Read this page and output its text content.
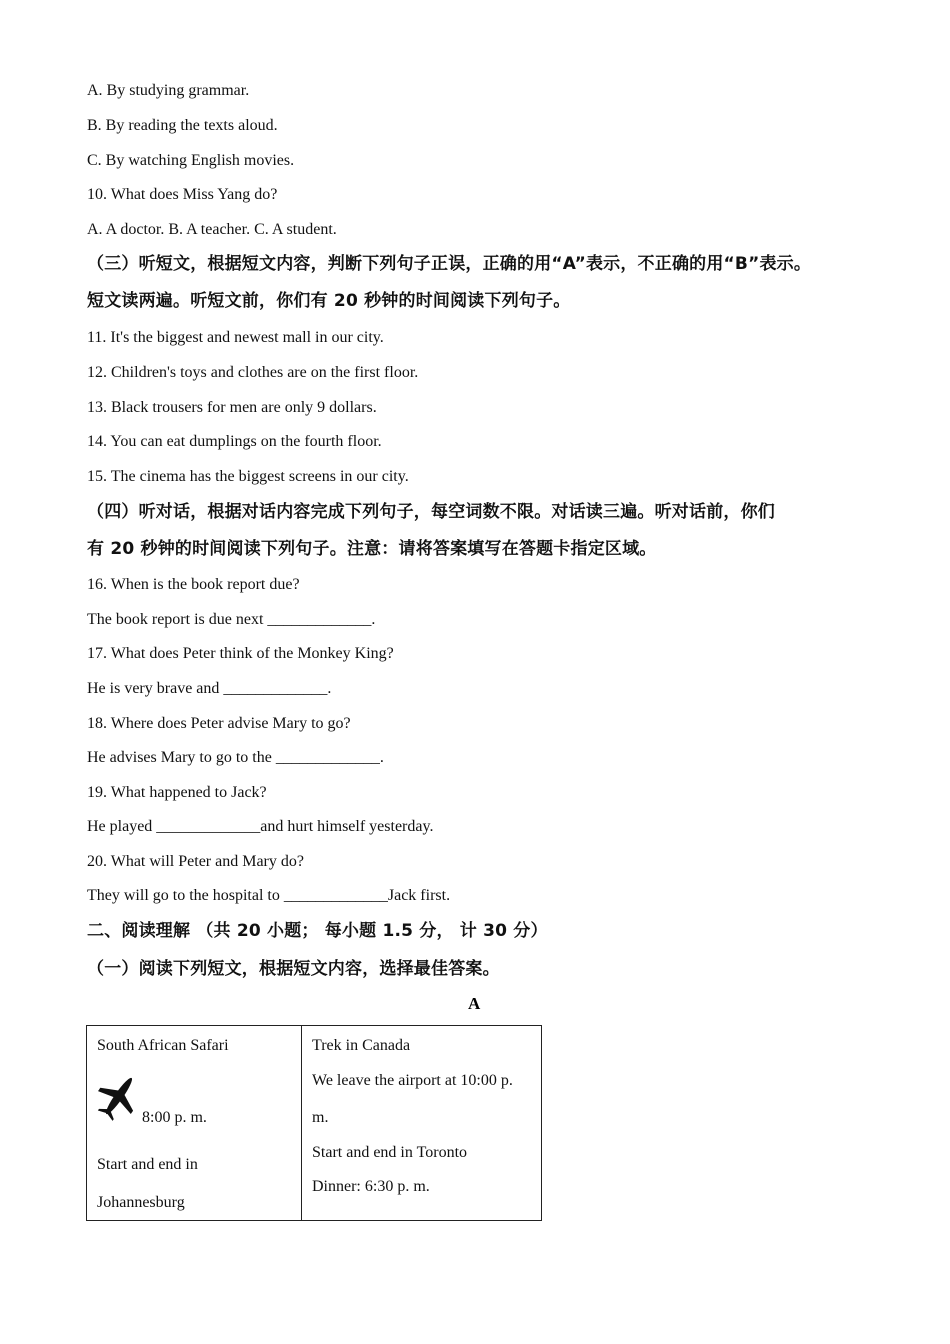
A. By studying grammar.
B. By reading the texts aloud.
C. By watching English movies.
10. What does Miss Yang do?
A. A doctor. B. A teacher. C. A student.
（三）听短文，根据短文内容，判断下列句子正误，正确的用“A”表示，不正确的用“B”表示。
短文读两遍。听短文前，你们有 20 秒钟的时间阅读下列句子。
11. It's the biggest and newest mall in our city.
12. Children's toys and clothes are on the first floor.
13. Black trousers for men are only 9 dollars.
14. You can eat dumplings on the fourth floor.
15. The cinema has the biggest screens in our city.
（四）听对话，根据对话内容完成下列句子，每空词数不限。对话读三遍。听对话前，你们
有 20 秒钟的时间阅读下列句子。注意：请将答案填写在答题卡指定区域。
16. When is the book report due?
The book report is due next _____________.
17. What does Peter think of the Monkey King?
He is very brave and _____________.
18. Where does Peter advise Mary to go?
He advises Mary to go to the _____________.
19. What happened to Jack?
He played _____________and hurt himself yesterday.
20. What will Peter and Mary do?
They will go to the hospital to _____________Jack first.
二、阅读理解 （共 20 小题； 每小题 1.5 分， 计 30 分）
（一）阅读下列短文，根据短文内容，选择最佳答案。
A
South African Safari
8:00 p. m.
Start and end in
Johannesburg

Trek in Canada
We leave the airport at 10:00 p.
m.
Start and end in Toronto
Dinner: 6:30 p. m.
